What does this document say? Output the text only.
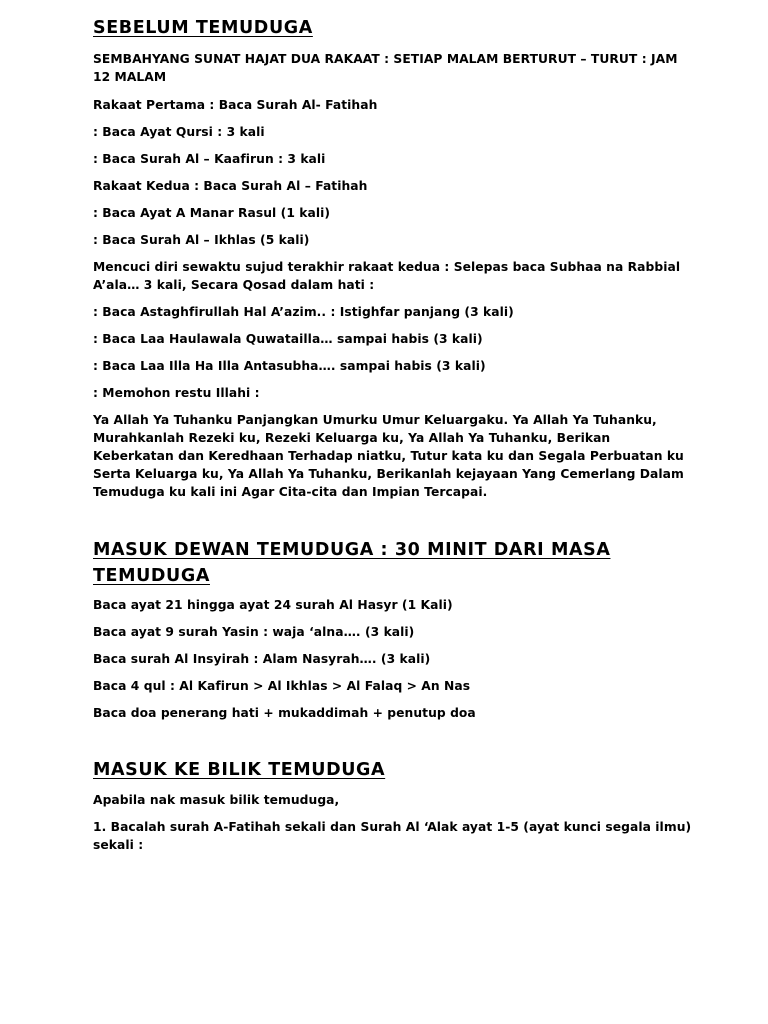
SEBELUM TEMUDUGA
SEMBAHYANG SUNAT HAJAT DUA RAKAAT : SETIAP MALAM BERTURUT – TURUT : JAM 12 MALAM
Rakaat Pertama : Baca Surah Al- Fatihah
: Baca Ayat Qursi : 3 kali
: Baca Surah Al – Kaafirun : 3 kali
Rakaat Kedua : Baca Surah Al – Fatihah
: Baca Ayat A Manar Rasul (1 kali)
: Baca Surah Al – Ikhlas (5 kali)
Mencuci diri sewaktu sujud terakhir rakaat kedua : Selepas baca Subhaa na Rabbial A’ala… 3 kali, Secara Qosad dalam hati :
: Baca Astaghfirullah Hal A’azim.. : Istighfar panjang (3 kali)
: Baca Laa Haulawala Quwatailla… sampai habis (3 kali)
: Baca Laa Illa Ha Illa Antasubha…. sampai habis (3 kali)
: Memohon restu Illahi :
Ya Allah Ya Tuhanku Panjangkan Umurku Umur Keluargaku. Ya Allah Ya Tuhanku, Murahkanlah Rezeki ku, Rezeki Keluarga ku, Ya Allah Ya Tuhanku, Berikan Keberkatan dan Keredhaan Terhadap niatku, Tutur kata ku dan Segala Perbuatan ku Serta Keluarga ku, Ya Allah Ya Tuhanku, Berikanlah kejayaan Yang Cemerlang Dalam Temuduga ku kali ini Agar Cita-cita dan Impian Tercapai.
MASUK DEWAN TEMUDUGA : 30 MINIT DARI MASA TEMUDUGA
Baca ayat 21 hingga ayat 24 surah Al Hasyr (1 Kali)
Baca ayat 9 surah Yasin : waja ‘alna…. (3 kali)
Baca surah Al Insyirah : Alam Nasyrah…. (3 kali)
Baca 4 qul : Al Kafirun > Al Ikhlas > Al Falaq > An Nas
Baca doa penerang hati + mukaddimah + penutup doa
MASUK KE BILIK TEMUDUGA
Apabila nak masuk bilik temuduga,
1. Bacalah surah A-Fatihah sekali dan Surah Al ‘Alak ayat 1-5 (ayat kunci segala ilmu) sekali :
